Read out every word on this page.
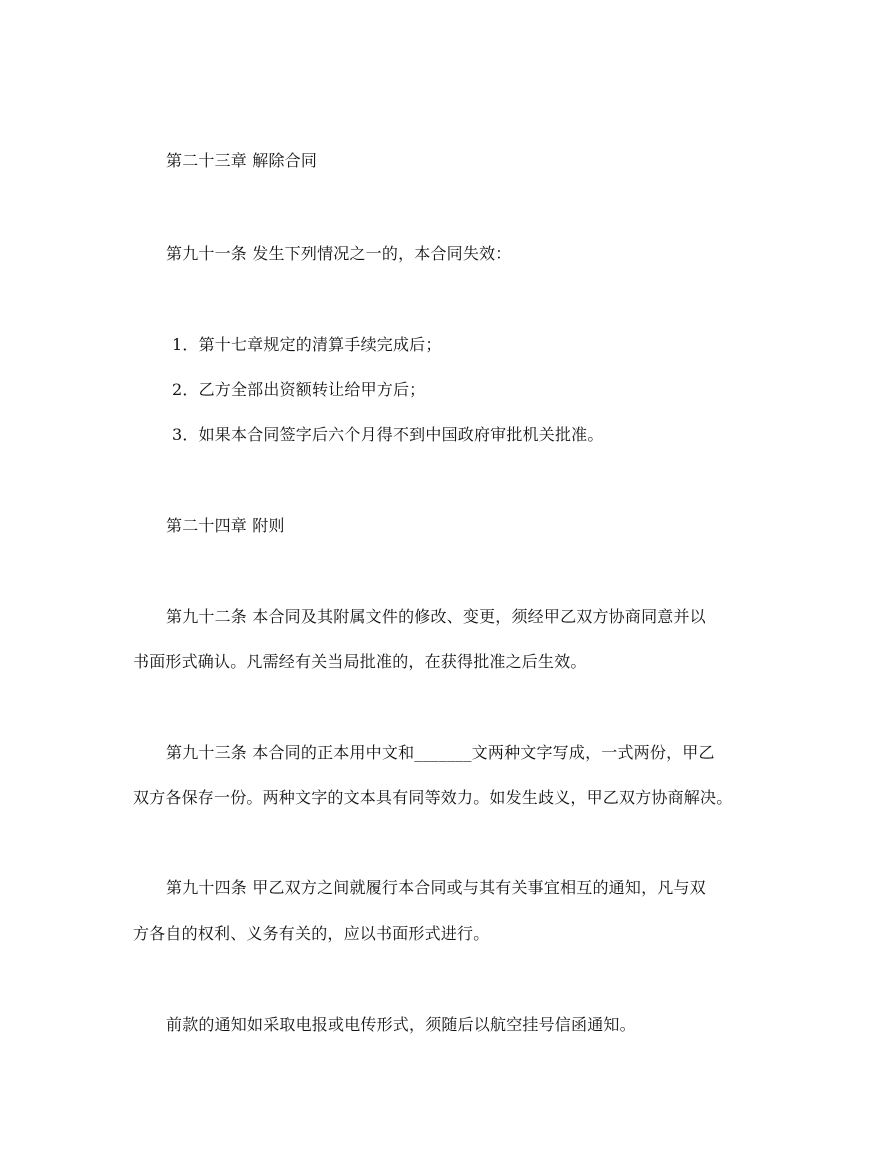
第二十三章 解除合同
第九十一条 发生下列情况之一的，本合同失效：
1．第十七章规定的清算手续完成后；
2．乙方全部出资额转让给甲方后；
3．如果本合同签字后六个月得不到中国政府审批机关批准。
第二十四章 附则
第九十二条 本合同及其附属文件的修改、变更，须经甲乙双方协商同意并以
书面形式确认。凡需经有关当局批准的，在获得批准之后生效。
第九十三条 本合同的正本用中文和_______文两种文字写成，一式两份，甲乙
双方各保存一份。两种文字的文本具有同等效力。如发生歧义，甲乙双方协商解决。
第九十四条 甲乙双方之间就履行本合同或与其有关事宜相互的通知，凡与双
方各自的权利、义务有关的，应以书面形式进行。
前款的通知如采取电报或电传形式，须随后以航空挂号信函通知。
